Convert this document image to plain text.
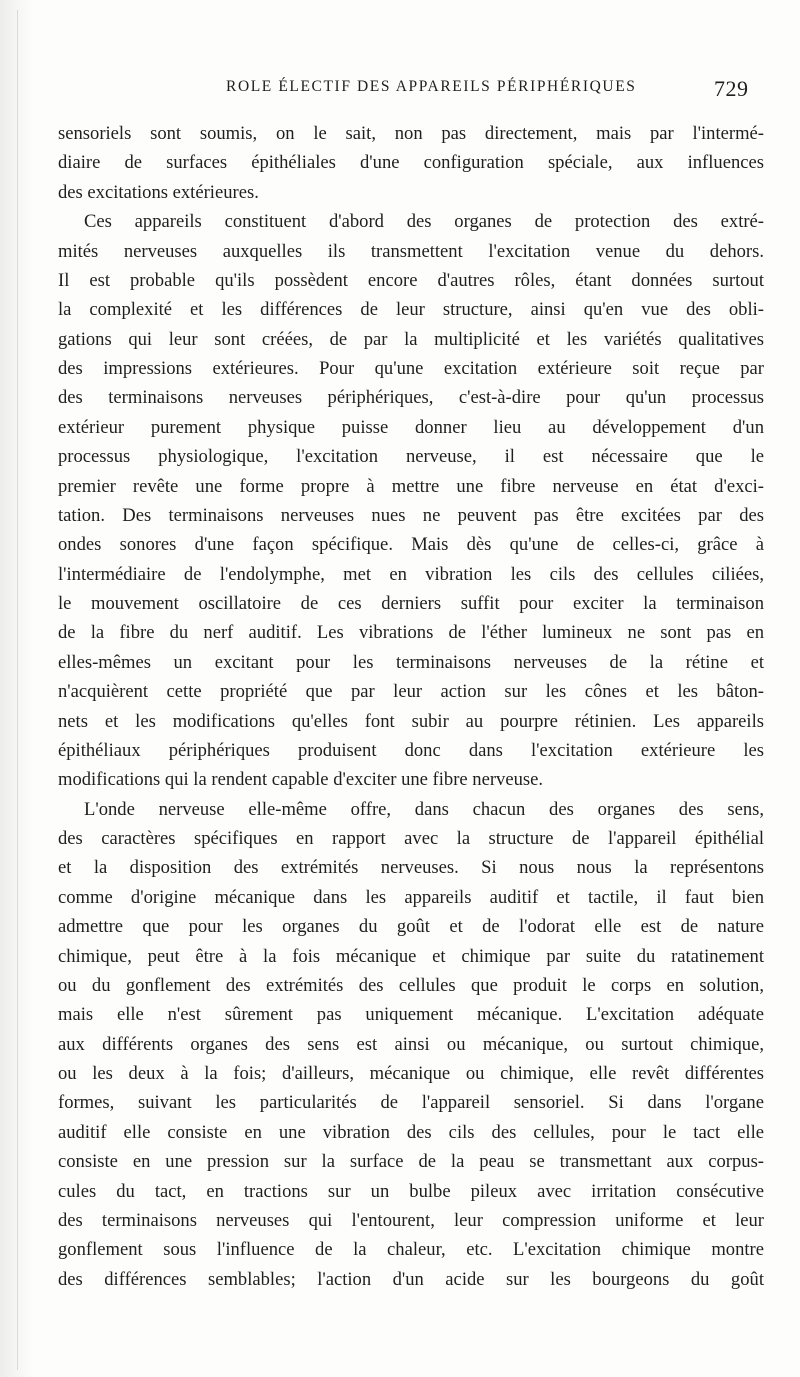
ROLE ÉLECTIF DES APPAREILS PÉRIPHÉRIQUES	729
sensoriels sont soumis, on le sait, non pas directement, mais par l'intermé-
diaire de surfaces épithéliales d'une configuration spéciale, aux influences
des excitations extérieures.
Ces appareils constituent d'abord des organes de protection des extré-
mités nerveuses auxquelles ils transmettent l'excitation venue du dehors.
Il est probable qu'ils possèdent encore d'autres rôles, étant données surtout
la complexité et les différences de leur structure, ainsi qu'en vue des obli-
gations qui leur sont créées, de par la multiplicité et les variétés qualitatives
des impressions extérieures. Pour qu'une excitation extérieure soit reçue par
des terminaisons nerveuses périphériques, c'est-à-dire pour qu'un processus
extérieur purement physique puisse donner lieu au développement d'un
processus physiologique, l'excitation nerveuse, il est nécessaire que le
premier revête une forme propre à mettre une fibre nerveuse en état d'exci-
tation. Des terminaisons nerveuses nues ne peuvent pas être excitées par des
ondes sonores d'une façon spécifique. Mais dès qu'une de celles-ci, grâce à
l'intermédiaire de l'endolymphe, met en vibration les cils des cellules ciliées,
le mouvement oscillatoire de ces derniers suffit pour exciter la terminaison
de la fibre du nerf auditif. Les vibrations de l'éther lumineux ne sont pas en
elles-mêmes un excitant pour les terminaisons nerveuses de la rétine et
n'acquièrent cette propriété que par leur action sur les cônes et les bâton-
nets et les modifications qu'elles font subir au pourpre rétinien. Les appareils
épithéliaux périphériques produisent donc dans l'excitation extérieure les
modifications qui la rendent capable d'exciter une fibre nerveuse.
L'onde nerveuse elle-même offre, dans chacun des organes des sens,
des caractères spécifiques en rapport avec la structure de l'appareil épithélial
et la disposition des extrémités nerveuses. Si nous nous la représentons
comme d'origine mécanique dans les appareils auditif et tactile, il faut bien
admettre que pour les organes du goût et de l'odorat elle est de nature
chimique, peut être à la fois mécanique et chimique par suite du ratatinement
ou du gonflement des extrémités des cellules que produit le corps en solution,
mais elle n'est sûrement pas uniquement mécanique. L'excitation adéquate
aux différents organes des sens est ainsi ou mécanique, ou surtout chimique,
ou les deux à la fois; d'ailleurs, mécanique ou chimique, elle revêt différentes
formes, suivant les particularités de l'appareil sensoriel. Si dans l'organe
auditif elle consiste en une vibration des cils des cellules, pour le tact elle
consiste en une pression sur la surface de la peau se transmettant aux corpus-
cules du tact, en tractions sur un bulbe pileux avec irritation consécutive
des terminaisons nerveuses qui l'entourent, leur compression uniforme et leur
gonflement sous l'influence de la chaleur, etc. L'excitation chimique montre
des différences semblables; l'action d'un acide sur les bourgeons du goût
